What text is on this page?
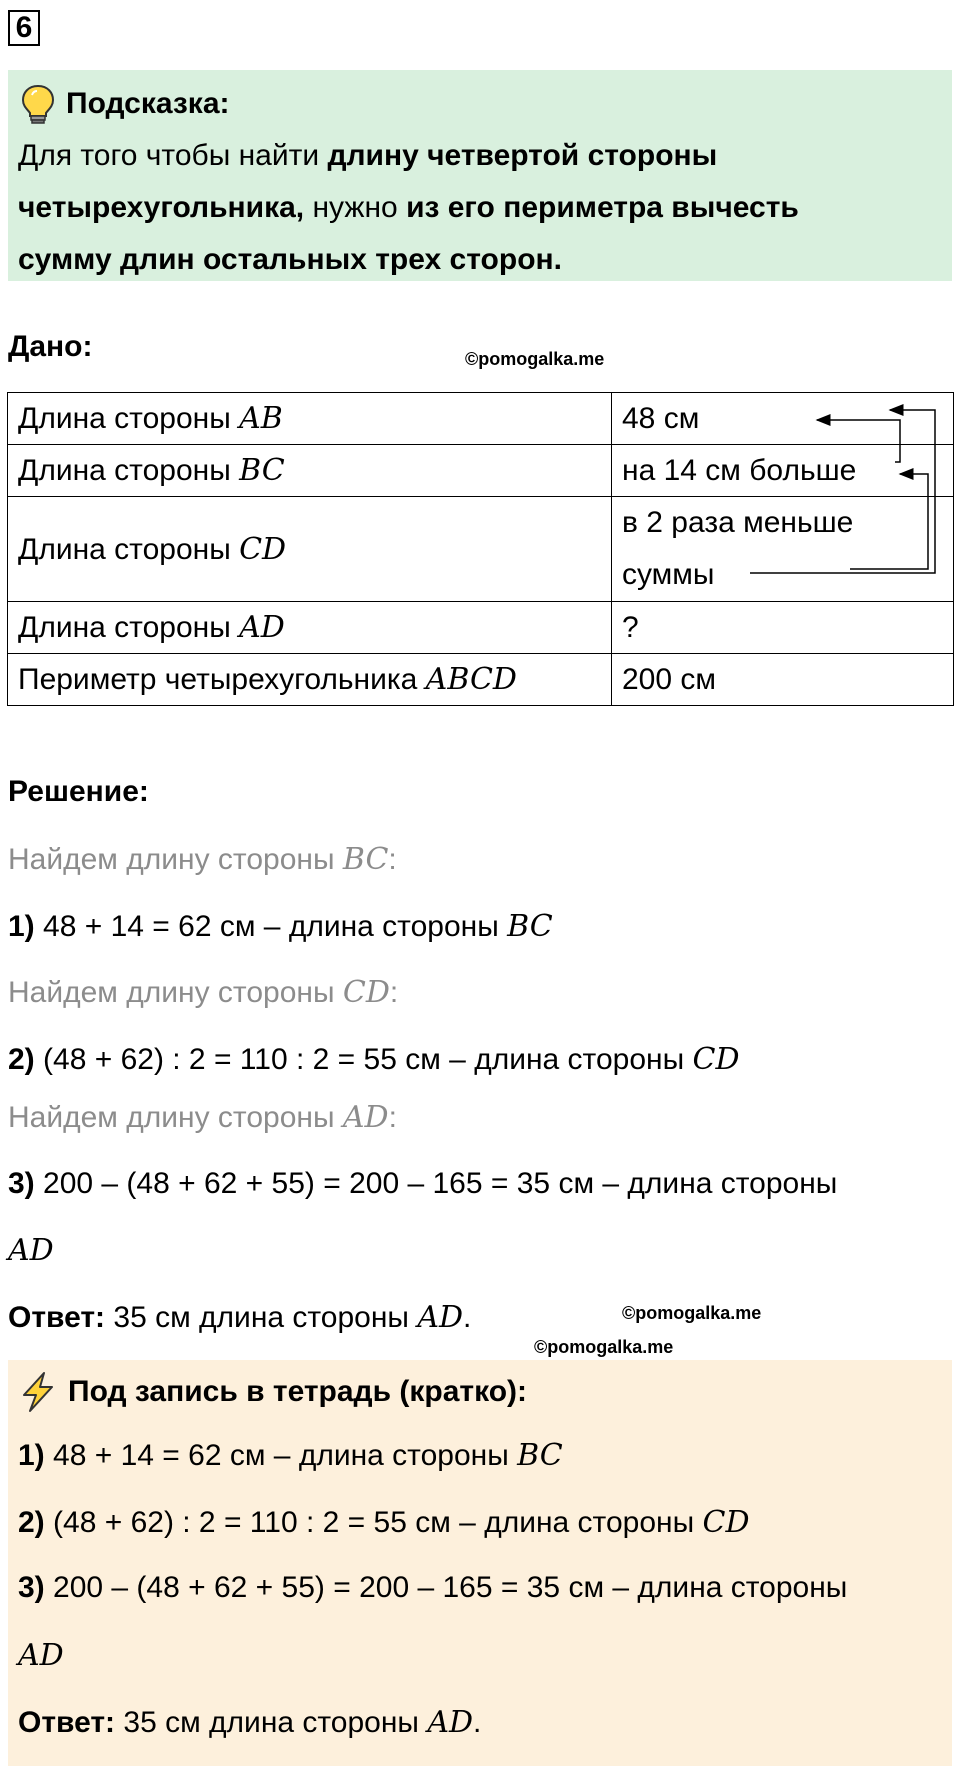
6
Подсказка:
Для того чтобы найти длину четвертой стороны
четырехугольника, нужно из его периметра вычесть
сумму длин остальных трех сторон.
Дано:	©pomogalka.me
Длина стороны AB	48 см
Длина стороны BC	на 14 см больше
Длина стороны CD	в 2 раза меньше
суммы
Длина стороны AD	?
Периметр четырехугольника ABCD	200 см
Решение:
Найдем длину стороны BC:
1) 48 + 14 = 62 см – длина стороны BC
Найдем длину стороны CD:
2) (48 + 62) : 2 = 110 : 2 = 55 см – длина стороны CD
Найдем длину стороны AD:
3) 200 – (48 + 62 + 55) = 200 – 165 = 35 см – длина стороны
AD
Ответ: 35 см длина стороны AD.	©pomogalka.me
©pomogalka.me
Под запись в тетрадь (кратко):
1) 48 + 14 = 62 см – длина стороны BC
2) (48 + 62) : 2 = 110 : 2 = 55 см – длина стороны CD
3) 200 – (48 + 62 + 55) = 200 – 165 = 35 см – длина стороны
AD
Ответ: 35 см длина стороны AD.
